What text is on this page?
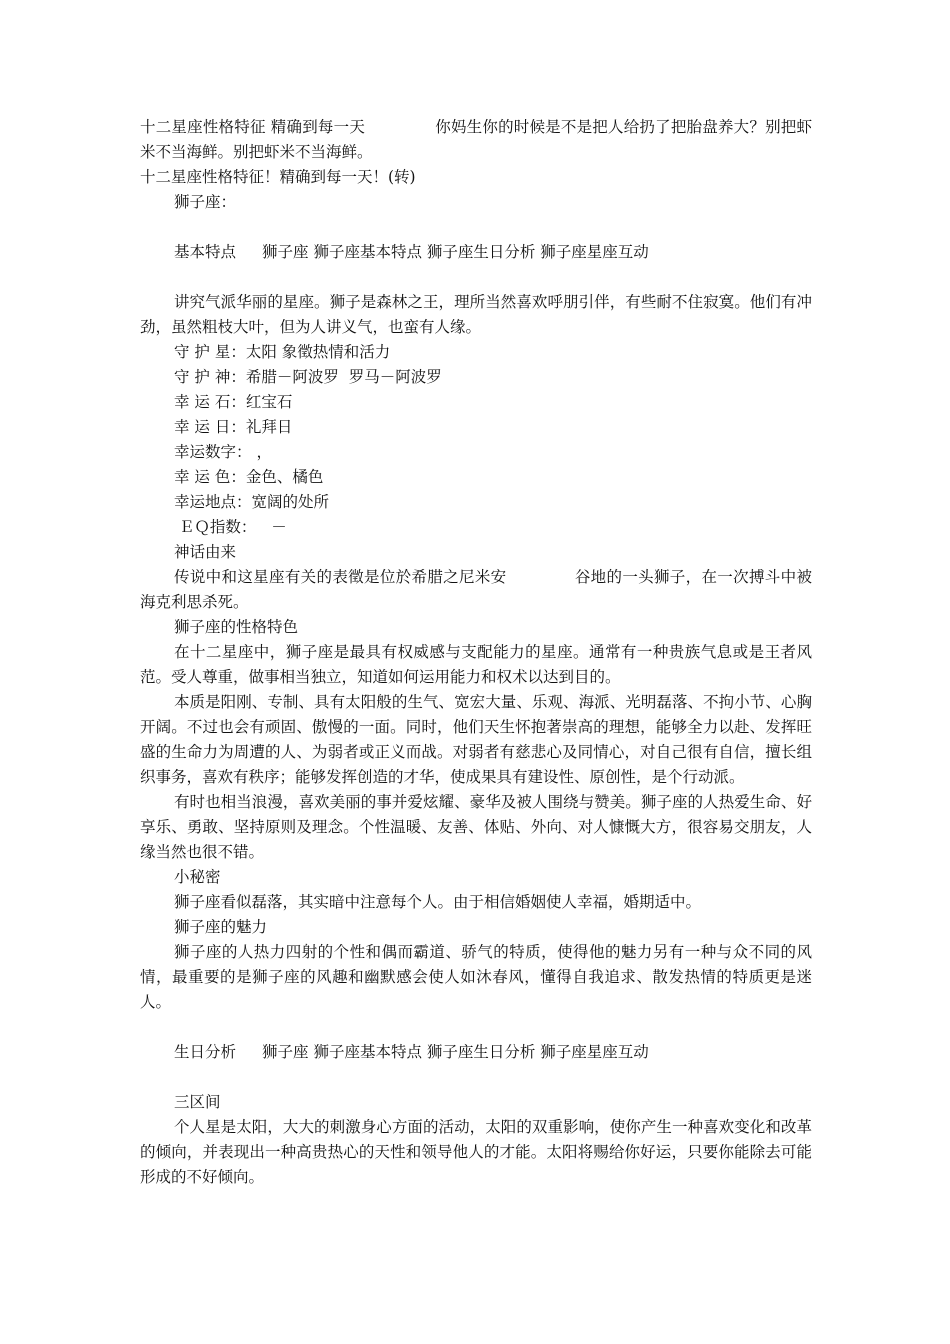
十二星座性格特征 精确到每一天	你妈生你的时候是不是把人给扔了把胎盘养大？别把虾米不当海鲜。别把虾米不当海鲜。

十二星座性格特征！精确到每一天！(转)

狮子座：

基本特点 狮子座 狮子座基本特点 狮子座生日分析 狮子座星座互动

讲究气派华丽的星座。狮子是森林之王，理所当然喜欢呼朋引伴，有些耐不住寂寞。他们有冲劲，虽然粗枝大叶，但为人讲义气，也蛮有人缘。

守 护 星：太阳 象徵热情和活力

守 护 神：希腊－阿波罗  罗马－阿波罗

幸 运 石：红宝石

幸 运 日：礼拜日

幸运数字： ，

幸 运 色：金色、橘色

幸运地点：宽阔的处所

ＥＱ指数：   －

神话由来

传说中和这星座有关的表徵是位於希腊之尼米安	谷地的一头狮子，在一次搏斗中被海克利思杀死。

狮子座的性格特色

在十二星座中，狮子座是最具有权威感与支配能力的星座。通常有一种贵族气息或是王者风范。受人尊重，做事相当独立，知道如何运用能力和权术以达到目的。

本质是阳刚、专制、具有太阳般的生气、宽宏大量、乐观、海派、光明磊落、不拘小节、心胸开阔。不过也会有顽固、傲慢的一面。同时，他们天生怀抱著崇高的理想，能够全力以赴、发挥旺盛的生命力为周遭的人、为弱者或正义而战。对弱者有慈悲心及同情心，对自己很有自信，擅长组织事务，喜欢有秩序；能够发挥创造的才华，使成果具有建设性、原创性，是个行动派。

有时也相当浪漫，喜欢美丽的事并爱炫耀、豪华及被人围绕与赞美。狮子座的人热爱生命、好享乐、勇敢、坚持原则及理念。个性温暖、友善、体贴、外向、对人慷慨大方，很容易交朋友，人缘当然也很不错。

小秘密

狮子座看似磊落，其实暗中注意每个人。由于相信婚姻使人幸福，婚期适中。

狮子座的魅力

狮子座的人热力四射的个性和偶而霸道、骄气的特质，使得他的魅力另有一种与众不同的风情，最重要的是狮子座的风趣和幽默感会使人如沐春风，懂得自我追求、散发热情的特质更是迷人。

生日分析 狮子座 狮子座基本特点 狮子座生日分析 狮子座星座互动

三区间

个人星是太阳，大大的刺激身心方面的活动，太阳的双重影响，使你产生一种喜欢变化和改革的倾向，并表现出一种高贵热心的天性和领导他人的才能。太阳将赐给你好运，只要你能除去可能形成的不好倾向。
